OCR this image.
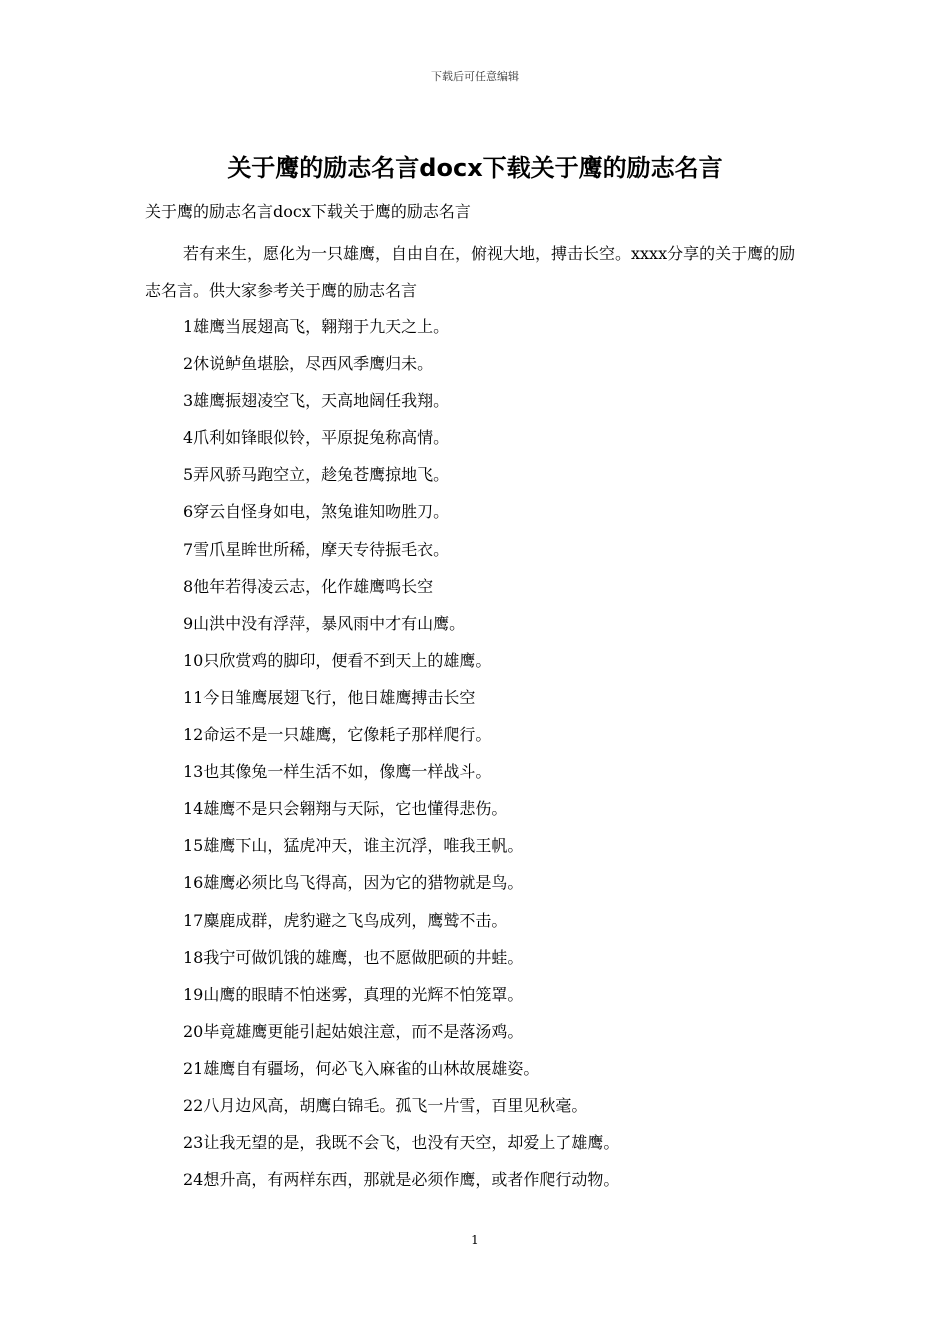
下载后可任意编辑
关于鹰的励志名言docx下载关于鹰的励志名言

关于鹰的励志名言docx下载关于鹰的励志名言

若有来生，愿化为一只雄鹰，自由自在，俯视大地，搏击长空。xxxx分享的关于鹰的励志名言。供大家参考关于鹰的励志名言

1雄鹰当展翅高飞，翱翔于九天之上。
2休说鲈鱼堪脍，尽西风季鹰归未。
3雄鹰振翅凌空飞，天高地阔任我翔。
4爪利如锋眼似铃，平原捉兔称高情。
5弄风骄马跑空立，趁兔苍鹰掠地飞。
6穿云自怪身如电，煞兔谁知吻胜刀。
7雪爪星眸世所稀，摩天专待振毛衣。
8他年若得凌云志，化作雄鹰鸣长空
9山洪中没有浮萍，暴风雨中才有山鹰。
10只欣赏鸡的脚印，便看不到天上的雄鹰。
11今日雏鹰展翅飞行，他日雄鹰搏击长空
12命运不是一只雄鹰，它像耗子那样爬行。
13也其像兔一样生活不如，像鹰一样战斗。
14雄鹰不是只会翱翔与天际，它也懂得悲伤。
15雄鹰下山，猛虎冲天，谁主沉浮，唯我王帆。
16雄鹰必须比鸟飞得高，因为它的猎物就是鸟。
17麋鹿成群，虎豹避之飞鸟成列，鹰鹫不击。
18我宁可做饥饿的雄鹰，也不愿做肥硕的井蛙。
19山鹰的眼睛不怕迷雾，真理的光辉不怕笼罩。
20毕竟雄鹰更能引起姑娘注意，而不是落汤鸡。
21雄鹰自有疆场，何必飞入麻雀的山林故展雄姿。
22八月边风高，胡鹰白锦毛。孤飞一片雪，百里见秋毫。
23让我无望的是，我既不会飞，也没有天空，却爱上了雄鹰。
24想升高，有两样东西，那就是必须作鹰，或者作爬行动物。
1
